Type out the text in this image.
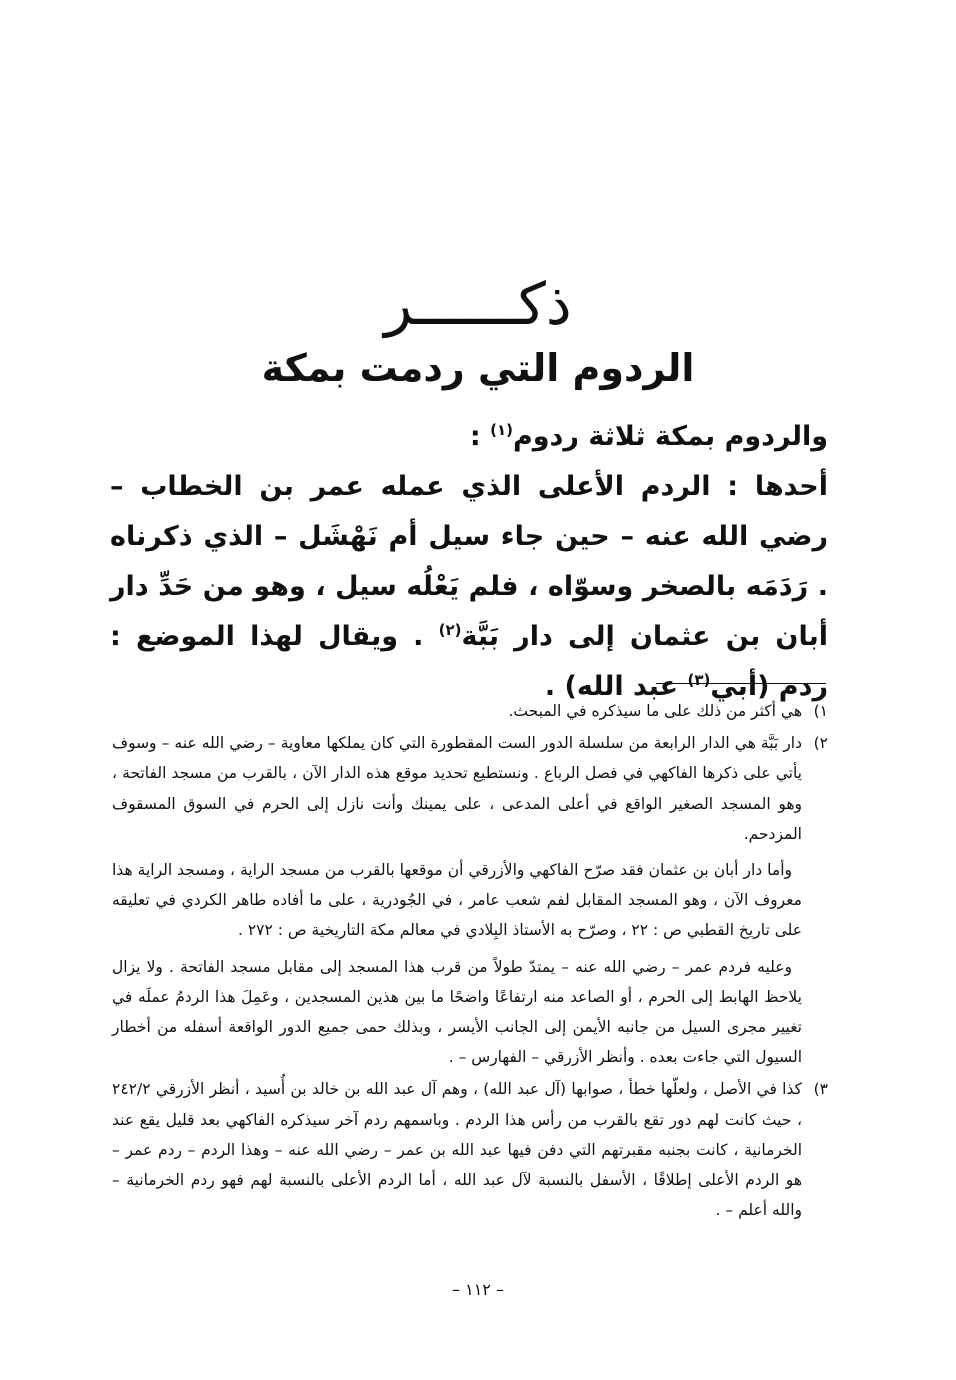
ذكــــــر
الردوم التي ردمت بمكة

والردوم بمكة ثلاثة ردوم$^{(١)}$ :

أحدها : الردم الأعلى الذي عمله عمر بن الخطاب – رضي الله عنه – حين جاء سيل أم نَهْشَل – الذي ذكرناه . رَدَمَه بالصخر وسوّاه ، فلم يَعْلُه سيل ، وهو من حَدِّ دار أبان بن عثمان إلى دار بَبَّة$^{(٢)}$ . ويقال لهذا الموضع : ردم (أبي$^{(٣)}$ عبد الله) .

١)

هي أكثر من ذلك على ما سيذكره في المبحث.

٢)

دار بَبَّة هي الدار الرابعة من سلسلة الدور الست المقطورة التي كان يملكها معاوية – رضي الله عنه – وسوف يأتي على ذكرها الفاكهي في فصل الرباع . ونستطيع تحديد موقع هذه الدار الآن ، بالقرب من مسجد الفاتحة ، وهو المسجد الصغير الواقع في أعلى المدعى ، على يمينك وأنت نازل إلى الحرم في السوق المسقوف المزدحم.

وأما دار أبان بن عثمان فقد صرّح الفاكهي والأزرقي أن موقعها بالقرب من مسجد الراية ، ومسجد الراية هذا معروف الآن ، وهو المسجد المقابل لفم شعب عامر ، في الجُودرية ، على ما أفاده طاهر الكردي في تعليقه على تاريخ القطبي ص : ٢٢ ، وصرّح به الأستاذ البِلادي في معالم مكة التاريخية ص : ٢٧٢ .

وعليه فردم عمر – رضي الله عنه – يمتدّ طولاً من قرب هذا المسجد إلى مقابل مسجد الفاتحة . ولا يزال يلاحظ الهابط إلى الحرم ، أو الصاعد منه ارتفاعًا واضحًا ما بين هذين المسجدين ، وعَمِلَ هذا الردمُ عملَه في تغيير مجرى السيل من جانبه الأيمن إلى الجانب الأيسر ، وبذلك حمى جميع الدور الواقعة أسفله من أخطار السيول التي جاءت بعده . وأنظر الأزرقي – الفهارس – .

٣)

كذا في الأصل ، ولعلّها خطأ ، صوابها (آل عبد الله) ، وهم آل عبد الله بن خالد بن أُسيد ، أنظر الأزرقي ٢٤٢/٢ ، حيث كانت لهم دور تقع بالقرب من رأس هذا الردم . وباسمهم ردم آخر سيذكره الفاكهي بعد قليل يقع عند الخرمانية ، كانت بجنبه مقبرتهم التي دفن فيها عبد الله بن عمر – رضي الله عنه – وهذا الردم – ردم عمر – هو الردم الأعلى إطلاقًا ، الأسفل بالنسبة لآل عبد الله ، أما الردم الأعلى بالنسبة لهم فهو ردم الخرمانية – والله أعلم – .

– ١١٢ –
